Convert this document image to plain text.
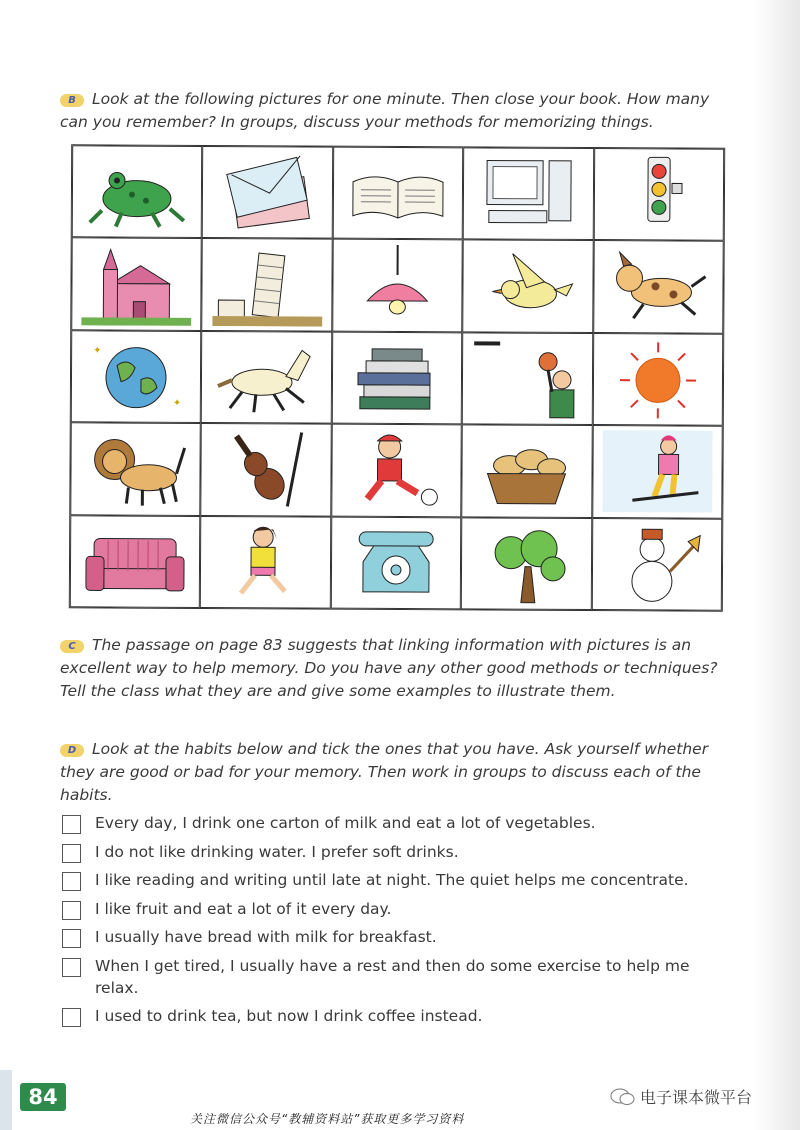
B Look at the following pictures for one minute. Then close your book. How many can you remember? In groups, discuss your methods for memorizing things.
✦
✦
C The passage on page 83 suggests that linking information with pictures is an excellent way to help memory. Do you have any other good methods or techniques? Tell the class what they are and give some examples to illustrate them.
D Look at the habits below and tick the ones that you have. Ask yourself whether they are good or bad for your memory. Then work in groups to discuss each of the habits.
Every day, I drink one carton of milk and eat a lot of vegetables.
I do not like drinking water. I prefer soft drinks.
I like reading and writing until late at night. The quiet helps me concentrate.
I like fruit and eat a lot of it every day.
I usually have bread with milk for breakfast.
When I get tired, I usually have a rest and then do some exercise to help me relax.
I used to drink tea, but now I drink coffee instead.
84	电子课本微平台
关注微信公众号“教辅资料站”获取更多学习资料
